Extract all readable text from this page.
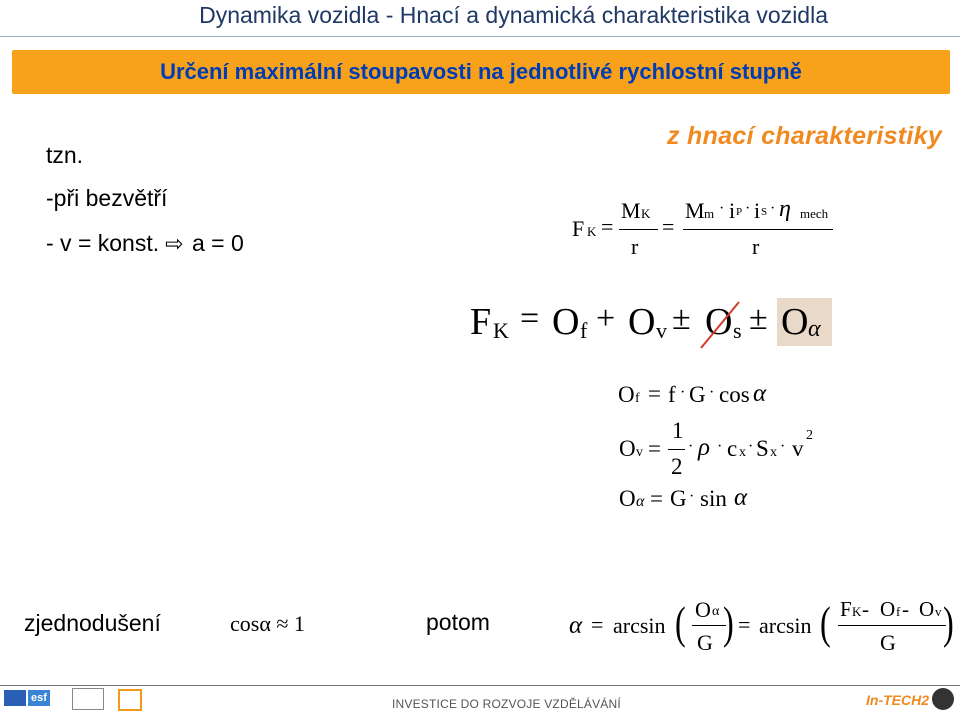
Dynamika vozidla - Hnací a dynamická charakteristika vozidla
Určení maximální stoupavosti na jednotlivé rychlostní stupně
tzn.
-při bezvětří
- v = konst. ⇨ a = 0
z hnací charakteristiky
F K =
M K
r
=
M m · i P · i S · η mech
r
F K = O f + O v ± O s ± O α
O f = f · G · cos α
O v =
1
2
· ρ · c x · S x · v
2
O α = G · sin α
zjednodušení	cosα ≈ 1	potom	α = arcsin ( O α
G ) = arcsin ( F K - O f - O v
G )
esf	INVESTICE DO ROZVOJE VZDĚLÁVÁNÍ	In-TECH2
